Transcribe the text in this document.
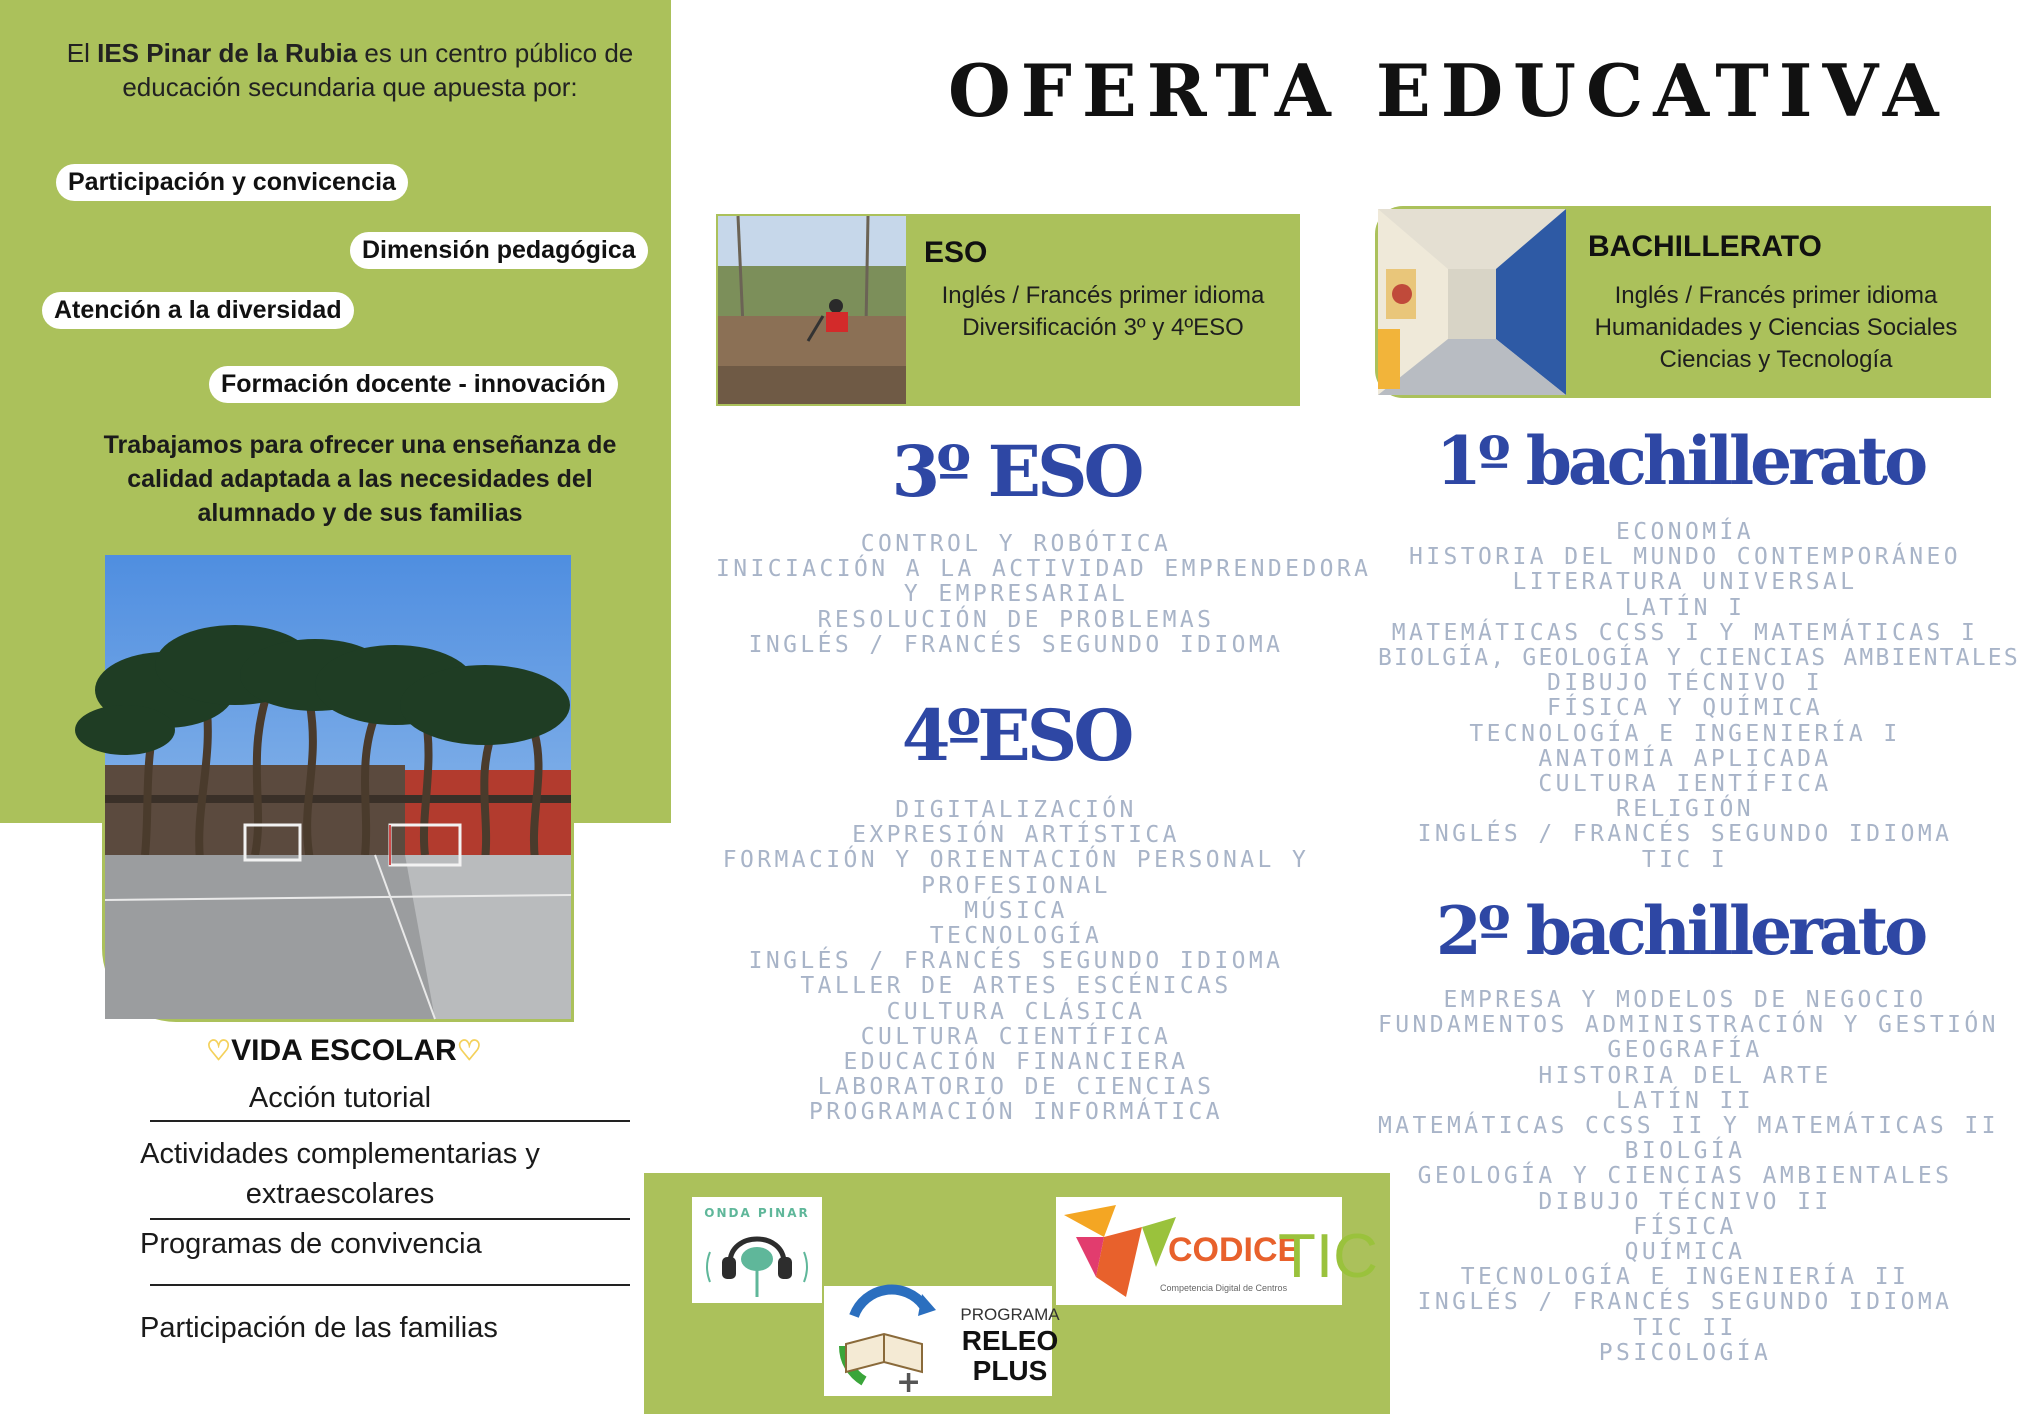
El IES Pinar de la Rubia es un centro público de educación secundaria que apuesta por:
Participación y convicencia
Dimensión pedagógica
Atención a la diversidad
Formación docente - innovación
Trabajamos para ofrecer una enseñanza de calidad adaptada a las necesidades del alumnado y de sus familias
♡VIDA ESCOLAR♡
Acción tutorial
Actividades complementarias y extraescolares
Programas de convivencia
Participación de las familias
OFERTA EDUCATIVA
ESO
Inglés / Francés primer idioma
Diversificación 3º y 4ºESO
BACHILLERATO
Inglés / Francés primer idioma
Humanidades y Ciencias Sociales
Ciencias y Tecnología
3º ESO
CONTROL Y ROBÓTICA
INICIACIÓN A LA ACTIVIDAD EMPRENDEDORA
Y EMPRESARIAL
RESOLUCIÓN DE PROBLEMAS
INGLÉS / FRANCÉS SEGUNDO IDIOMA
4ºESO
DIGITALIZACIÓN
EXPRESIÓN ARTÍSTICA
FORMACIÓN Y ORIENTACIÓN PERSONAL Y
PROFESIONAL
MÚSICA
TECNOLOGÍA
INGLÉS / FRANCÉS SEGUNDO IDIOMA
TALLER DE ARTES ESCÉNICAS
CULTURA CLÁSICA
CULTURA CIENTÍFICA
EDUCACIÓN FINANCIERA
LABORATORIO DE CIENCIAS
PROGRAMACIÓN INFORMÁTICA
1º bachillerato
ECONOMÍA
HISTORIA DEL MUNDO CONTEMPORÁNEO
LITERATURA UNIVERSAL
LATÍN I
MATEMÁTICAS CCSS I Y MATEMÁTICAS I
BIOLGÍA, GEOLOGÍA Y CIENCIAS AMBIENTALES
DIBUJO TÉCNIVO I
FÍSICA Y QUÍMICA
TECNOLOGÍA E INGENIERÍA I
ANATOMÍA APLICADA
CULTURA IENTÍFICA
RELIGIÓN
INGLÉS / FRANCÉS SEGUNDO IDIOMA
TIC I
2º bachillerato
EMPRESA Y MODELOS DE NEGOCIO
FUNDAMENTOS ADMINISTRACIÓN Y GESTIÓN
GEOGRAFÍA
HISTORIA DEL ARTE
LATÍN II
MATEMÁTICAS CCSS II Y MATEMÁTICAS II
BIOLGÍA
GEOLOGÍA Y CIENCIAS AMBIENTALES
DIBUJO TÉCNIVO II
FÍSICA
QUÍMICA
TECNOLOGÍA E INGENIERÍA II
INGLÉS / FRANCÉS SEGUNDO IDIOMA
TIC II
PSICOLOGÍA
ONDA PINAR
+
PROGRAMA
RELEO
PLUS
CODICE
TIC
Competencia Digital de Centros
